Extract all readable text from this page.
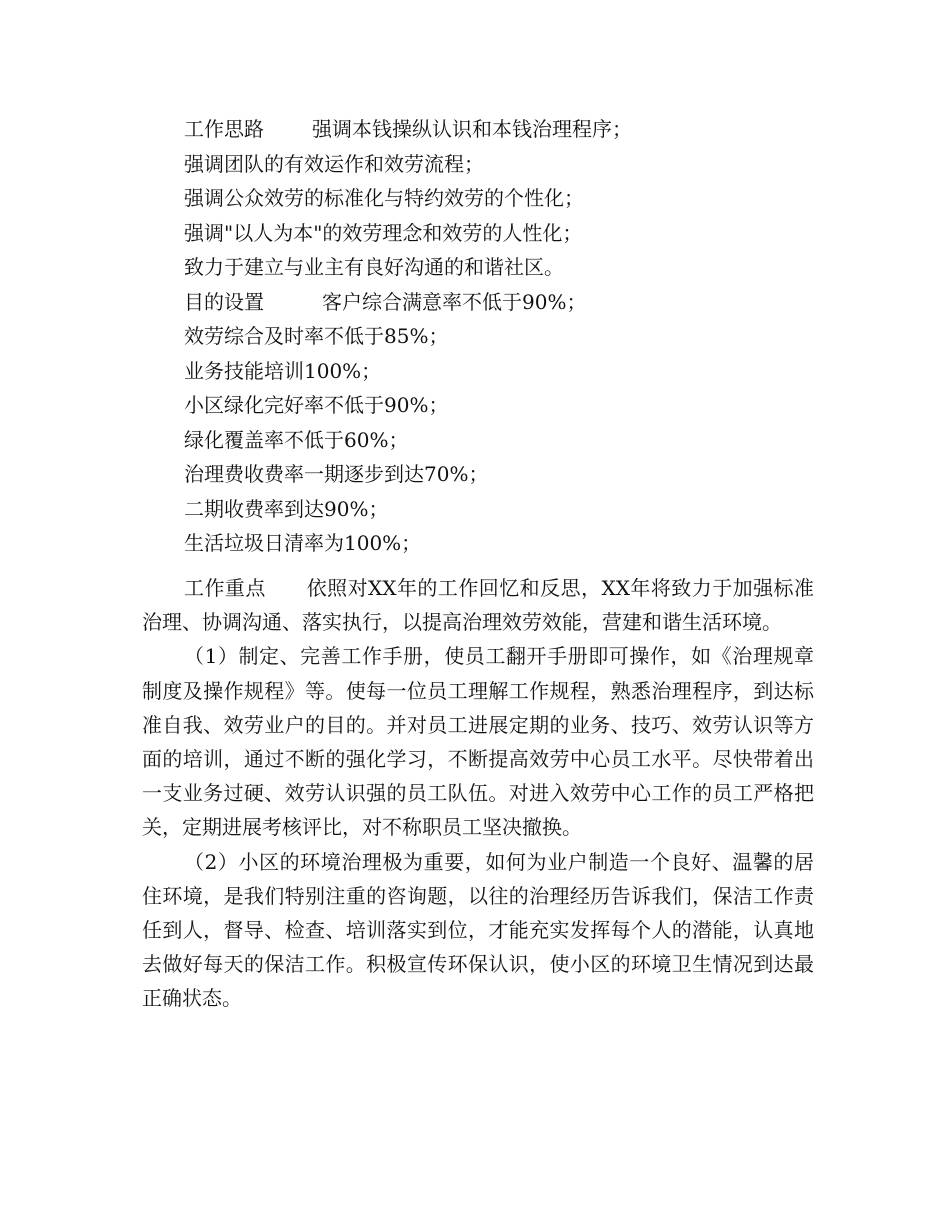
工作思路 强调本钱操纵认识和本钱治理程序；
强调团队的有效运作和效劳流程；
强调公众效劳的标准化与特约效劳的个性化；
强调"以人为本"的效劳理念和效劳的人性化；
致力于建立与业主有良好沟通的和谐社区。
目的设置	客户综合满意率不低于90%；
效劳综合及时率不低于85%；
业务技能培训100%；
小区绿化完好率不低于90%；
绿化覆盖率不低于60%；
治理费收费率一期逐步到达70%；
二期收费率到达90%；
生活垃圾日清率为100%；

工作重点　　依照对XX年的工作回忆和反思，XX年将致力于加强标准治理、协调沟通、落实执行，以提高治理效劳效能，营建和谐生活环境。

（1）制定、完善工作手册，使员工翻开手册即可操作，如《治理规章制度及操作规程》等。使每一位员工理解工作规程，熟悉治理程序，到达标准自我、效劳业户的目的。并对员工进展定期的业务、技巧、效劳认识等方面的培训，通过不断的强化学习，不断提高效劳中心员工水平。尽快带着出一支业务过硬、效劳认识强的员工队伍。对进入效劳中心工作的员工严格把关，定期进展考核评比，对不称职员工坚决撤换。

（2）小区的环境治理极为重要，如何为业户制造一个良好、温馨的居住环境，是我们特别注重的咨询题，以往的治理经历告诉我们，保洁工作责任到人，督导、检查、培训落实到位，才能充实发挥每个人的潜能，认真地去做好每天的保洁工作。积极宣传环保认识，使小区的环境卫生情况到达最正确状态。
